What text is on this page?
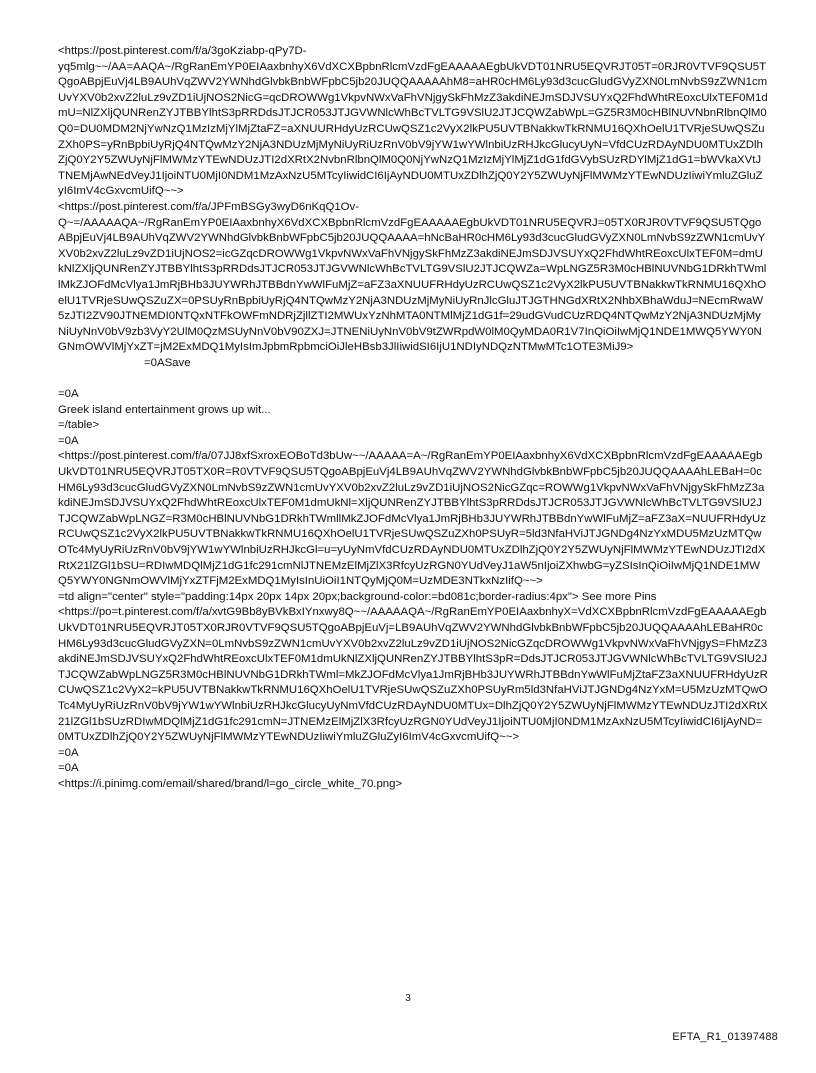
<https://post.pinterest.com/f/a/3goKziabp-qPy7D-
yq5mlg~~/AA=AAQA~/RgRanEmYP0EIAaxbnhyX6VdXCXBpbnRlcmVzdFgEAAAAAEgbUkVDT01NRU5EQVRJT05T=0RJR0VTVF9QSU5TQgoABpjEuVj4LB9AUhVqZWV2YWNhdGlvbkBnbWFpbC5jb20JUQQAAAAAhM8=aHR0cHM6Ly93d3cucGludGVyZXN0LmNvbS9zZWN1cmUvYXV0b2xvZ2luLz9vZD1iUjNOS2NicG=qcDROWWg1VkpvNWxVaFhVNjgySkFhMzZ3akdiNEJmSDJVSUYxQ2FhdWhtREoxcUlxTEF0M1dmU=NlZXljQUNRenZYJTBBYlhtS3pRRDdsJTJCR053JTJGVWNlcWhBcTVLTG9VSlU2JTJCQWZabWpL=GZ5R3M0cHBlNUVNbnRlbnQlM0Q0=DU0MDM2NjYwNzQ1MzIzMjYlMjZtaFZ=aXNUURHdyUzRCUwQSZ1c2VyX2lkPU5UVTBNakkwTkRNMU16QXhOelU1TVRjeSUwQSZuZXh0PS=yRnBpbiUyRjQ4NTQwMzY2NjA3NDUzMjMyNiUyRiUzRnV0bV9jYW1wYWlnbiUzRHJkcGlucyUyN=VfdCUzRDAyNDU0MTUxZDlhZjQ0Y2Y5ZWUyNjFlMWMzYTEwNDUzJTI2dXRtX2NvbnRlbnQlM0Q0NjYwNzQ1MzIzMjYlMjZ1dG1fdGVybSUzRDYlMjZ1dG1=bWVkaXVtJTNEMjAwNEdVeyJ1IjoiNTU0MjI0NDM1MzAxNzU5MTcyIiwidCI6IjAyNDU0MTUxZDlhZjQ0Y2Y5ZWUyNjFlMWMzYTEwNDUzIiwiYmluZGluZyI6ImV4cGxvcmUifQ~~>
<https://post.pinterest.com/f/a/JPFmBSGy3wyD6nKqQ1Ov-
Q~=/AAAAAQA~/RgRanEmYP0EIAaxbnhyX6VdXCXBpbnRlcmVzdFgEAAAAAEgbUkVDT01NRU5EQVRJ=05TX0RJR0VTVF9QSU5TQgoABpjEuVj4LB9AUhVqZWV2YWNhdGlvbkBnbWFpbC5jb20JUQQAAAA=hNcBaHR0cHM6Ly93d3cucGludGVyZXN0LmNvbS9zZWN1cmUvYXV0b2xvZ2luLz9vZD1iUjNOS2=icGZqcDROWWg1VkpvNWxVaFhVNjgySkFhMzZ3akdiNEJmSDJVSUYxQ2FhdWhtREoxcUlxTEF0M=dmUkNlZXljQUNRenZYJTBBYlhtS3pRRDdsJTJCR053JTJGVWNlcWhBcTVLTG9VSlU2JTJCQWZa=WpLNGZ5R3M0cHBlNUVNbG1DRkhTWmllMkZJOFdMcVlya1JmRjBHb3JUYWRhJTBBdnYwWlFuMjZ=aFZ3aXNUUFRHdyUzRCUwQSZ1c2VyX2lkPU5UVTBNakkwTkRNMU16QXhOelU1TVRjeSUwQSZuZX=0PSUyRnBpbiUyRjQ4NTQwMzY2NjA3NDUzMjMyNiUyRnJlcGluJTJGTHNGdXRtX2NhbXBhaWduJ=NEcmRwaW5zJTI2ZV90JTNEMDI0NTQxNTFkOWFmNDRjZjllZTI2MWUxYzNhMTA0NTMlMjZ1dG1f=29udGVudCUzRDQ4NTQwMzY2NjA3NDUzMjMyNiUyNnV0bV9zb3VyY2UlM0QzMSUyNnV0bV90ZXJ=JTNENiUyNnV0bV9tZWRpdW0lM0QyMDA0R1V7InQiOiIwMjQ1NDE1MWQ5YWY0NGNmOWVlMjYxZT=jM2ExMDQ1MyIsImJpbmRpbmciOiJleHBsb3JlIiwidSI6IjU1NDIyNDQzNTMwMTc1OTE3MiJ9>
=0ASave
=0A
Greek island entertainment grows up wit...
=/table>
=0A
<https://post.pinterest.com/f/a/07JJ8xfSxroxEOBoTd3bUw~~/AAAAA=A~/RgRanEmYP0EIAaxbnhyX6VdXCXBpbnRlcmVzdFgEAAAAAEgbUkVDT01NRU5EQVRJT05TX0R=R0VTVF9QSU5TQgoABpjEuVj4LB9AUhVqZWV2YWNhdGlvbkBnbWFpbC5jb20JUQQAAAAhLEBaH=0cHM6Ly93d3cucGludGVyZXN0LmNvbS9zZWN1cmUvYXV0b2xvZ2luLz9vZD1iUjNOS2NicGZqc=ROWWg1VkpvNWxVaFhVNjgySkFhMzZ3akdiNEJmSDJVSUYxQ2FhdWhtREoxcUlxTEF0M1dmUkNl=XljQUNRenZYJTBBYlhtS3pRRDdsJTJCR053JTJGVWNlcWhBcTVLTG9VSlU2JTJCQWZabWpLNGZ=R3M0cHBlNUVNbG1DRkhTWmllMkZJOFdMcVlya1JmRjBHb3JUYWRhJTBBdnYwWlFuMjZ=aFZ3aX=NUUFRHdyUzRCUwQSZ1c2VyX2lkPU5UVTBNakkwTkRNMU16QXhOelU1TVRjeSUwQSZuZXh0PSUyR=5ld3NfaHViJTJGNDg4NzYxMDU5MzUzMTQwOTc4MyUyRiUzRnV0bV9jYW1wYWlnbiUzRHJkcGl=u=yUyNmVfdCUzRDAyNDU0MTUxZDlhZjQ0Y2Y5ZWUyNjFlMWMzYTEwNDUzJTI2dXRtX21lZGl1bSU=RDIwMDQlMjZ1dG1fc291cmNlJTNEMzElMjZlX3RfcyUzRGN0YUdVeyJ1aW5nIjoiZXhwbG=yZSIsInQiOiIwMjQ1NDE1MWQ5YWY0NGNmOWVlMjYxZTFjM2ExMDQ1MyIsInUiOiI1NTQyMjQ0M=UzMDE3NTkxNzIifQ~~>
=td align="center" style="padding:14px 20px 14px 20px;background-color:=bd081c;border-radius:4px"> See more Pins
<https://po=t.pinterest.com/f/a/xvtG9Bb8yBVkBxIYnxwy8Q~~/AAAAAQA~/RgRanEmYP0EIAaxbnhyX=VdXCXBpbnRlcmVzdFgEAAAAAEgbUkVDT01NRU5EQVRJT05TX0RJR0VTVF9QSU5TQgoABpjEuVj=LB9AUhVqZWV2YWNhdGlvbkBnbWFpbC5jb20JUQQAAAAhLEBaHR0cHM6Ly93d3cucGludGVyZXN=0LmNvbS9zZWN1cmUvYXV0b2xvZ2luLz9vZD1iUjNOS2NicGZqcDROWWg1VkpvNWxVaFhVNjgyS=FhMzZ3akdiNEJmSDJVSUYxQ2FhdWhtREoxcUlxTEF0M1dmUkNlZXljQUNRenZYJTBBYlhtS3pR=DdsJTJCR053JTJGVWNlcWhBcTVLTG9VSlU2JTJCQWZabWpLNGZ5R3M0cHBlNUVNbG1DRkhTWml=MkZJOFdMcVlya1JmRjBHb3JUYWRhJTBBdnYwWlFuMjZtaFZ3aXNUUFRHdyUzRCUwQSZ1c2VyX2=kPU5UVTBNakkwTkRNMU16QXhOelU1TVRjeSUwQSZuZXh0PSUyRm5ld3NfaHViJTJGNDg4NzYxM=U5MzUzMTQwOTc4MyUyRiUzRnV0bV9jYW1wYWlnbiUzRHJkcGlucyUyNmVfdCUzRDAyNDU0MTUx=DlhZjQ0Y2Y5ZWUyNjFlMWMzYTEwNDUzJTI2dXRtX21lZGl1bSUzRDIwMDQlMjZ1dG1fc291cmN=JTNEMzElMjZlX3RfcyUzRGN0YUdVeyJ1IjoiNTU0MjI0NDM1MzAxNzU5MTcyIiwidCI6IjAyND=0MTUxZDlhZjQ0Y2Y5ZWUyNjFlMWMzYTEwNDUzIiwiYmluZGluZyI6ImV4cGxvcmUifQ~~>
=0A
=0A
<https://i.pinimg.com/email/shared/brand/l=go_circle_white_70.png>
3
EFTA_R1_01397488
